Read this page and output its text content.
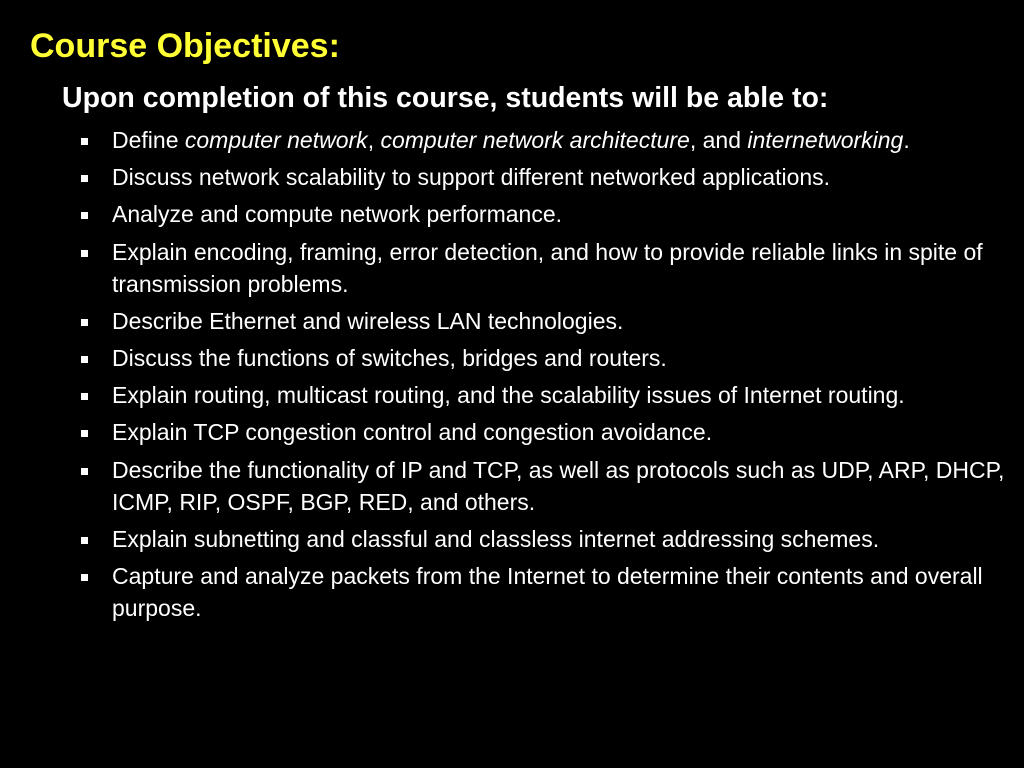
Course Objectives:
Upon completion of this course, students will be able to:
Define computer network, computer network architecture, and internetworking.
Discuss network scalability to support different networked applications.
Analyze and compute network performance.
Explain encoding, framing, error detection, and how to provide reliable links in spite of transmission problems.
Describe Ethernet and wireless LAN technologies.
Discuss the functions of switches, bridges and routers.
Explain routing, multicast routing, and the scalability issues of Internet routing.
Explain TCP congestion control and congestion avoidance.
Describe the functionality of IP and TCP, as well as protocols such as UDP, ARP, DHCP, ICMP, RIP, OSPF, BGP, RED, and others.
Explain subnetting and classful and classless internet addressing schemes.
Capture and analyze packets from the Internet to determine their contents and overall purpose.
